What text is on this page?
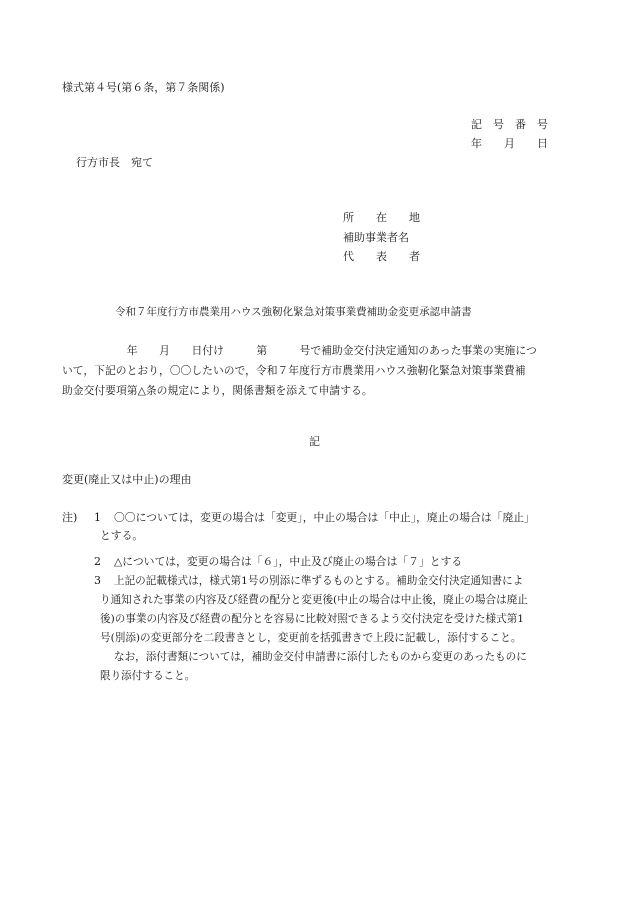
様式第４号(第６条，第７条関係)
記　号　番　号
年　　月　　日
行方市長　宛て
所　　在　　地
補助事業者名
代　　表　　者
令和７年度行方市農業用ハウス強靭化緊急対策事業費補助金変更承認申請書
　　　　　　年　　月　　日付け　　　第　　　号で補助金交付決定通知のあった事業の実施につ
いて，下記のとおり，〇〇したいので，令和７年度行方市農業用ハウス強靭化緊急対策事業費補
助金交付要項第△条の規定により，関係書類を添えて申請する。
記
変更(廃止又は中止)の理由
注) 1 〇〇については，変更の場合は「変更」，中止の場合は「中止」，廃止の場合は「廃止」
とする。
2 △については，変更の場合は「６」，中止及び廃止の場合は「７」とする
3 上記の記載様式は，様式第1号の別添に準ずるものとする。補助金交付決定通知書によ
り通知された事業の内容及び経費の配分と変更後(中止の場合は中止後，廃止の場合は廃止
後)の事業の内容及び経費の配分とを容易に比較対照できるよう交付決定を受けた様式第1
号(別添)の変更部分を二段書きとし，変更前を括弧書きで上段に記載し，添付すること。
なお，添付書類については，補助金交付申請書に添付したものから変更のあったものに
限り添付すること。
